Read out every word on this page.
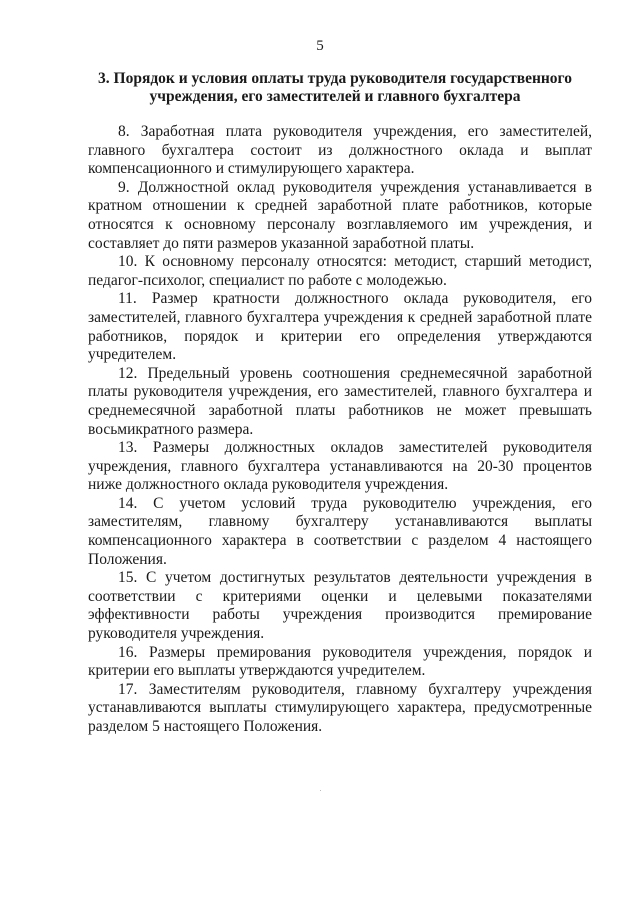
5
3. Порядок и условия оплаты труда руководителя государственного
учреждения, его заместителей и главного бухгалтера

8. Заработная плата руководителя учреждения, его заместителей, главного бухгалтера состоит из должностного оклада и выплат компенсационного и стимулирующего характера.

9. Должностной оклад руководителя учреждения устанавливается в кратном отношении к средней заработной плате работников, которые относятся к основному персоналу возглавляемого им учреждения, и составляет до пяти размеров указанной заработной платы.

10. К основному персоналу относятся: методист, старший методист, педагог-психолог, специалист по работе с молодежью.

11. Размер кратности должностного оклада руководителя, его заместителей, главного бухгалтера учреждения к средней заработной плате работников, порядок и критерии его определения утверждаются учредителем.

12. Предельный уровень соотношения среднемесячной заработной платы руководителя учреждения, его заместителей, главного бухгалтера и среднемесячной заработной платы работников не может превышать восьмикратного размера.

13. Размеры должностных окладов заместителей руководителя учреждения, главного бухгалтера устанавливаются на 20-30 процентов ниже должностного оклада руководителя учреждения.

14. С учетом условий труда руководителю учреждения, его заместителям, главному бухгалтеру устанавливаются выплаты компенсационного характера в соответствии с разделом 4 настоящего Положения.

15. С учетом достигнутых результатов деятельности учреждения в соответствии с критериями оценки и целевыми показателями эффективности работы учреждения производится премирование руководителя учреждения.

16. Размеры премирования руководителя учреждения, порядок и критерии его выплаты утверждаются учредителем.

17. Заместителям руководителя, главному бухгалтеру учреждения устанавливаются выплаты стимулирующего характера, предусмотренные разделом 5 настоящего Положения.
